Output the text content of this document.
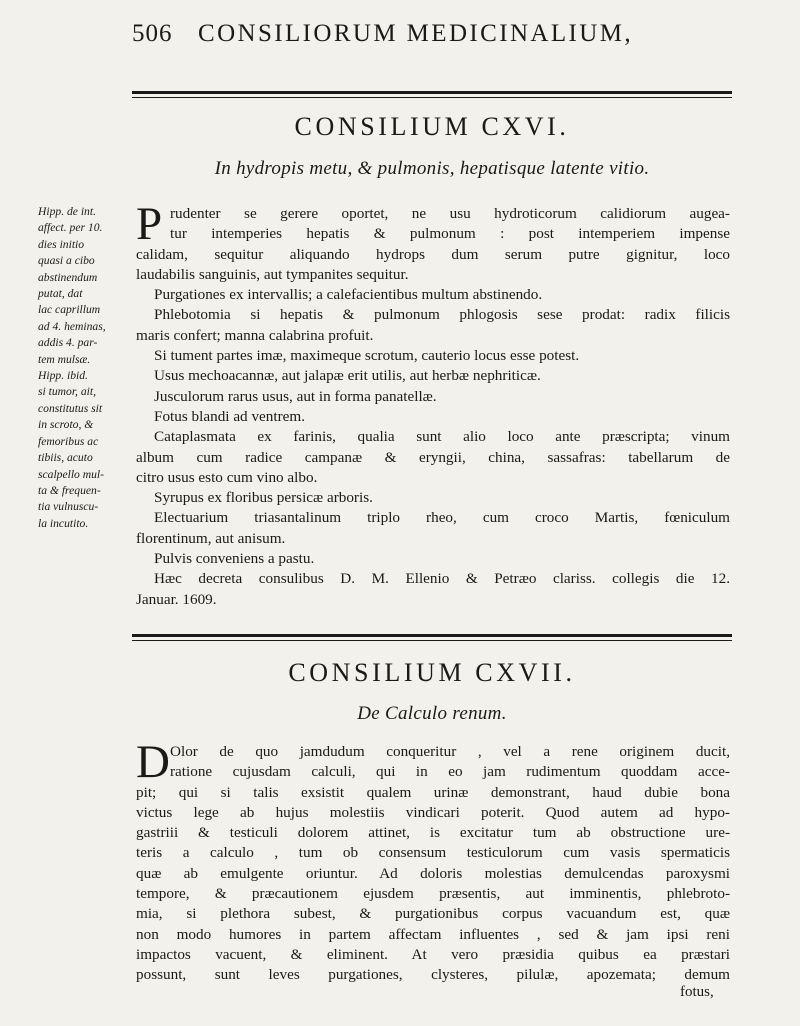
506 CONSILIORUM MEDICINALIUM,
CONSILIUM CXVI.
In hydropis metu, & pulmonis, hepatisque latente vitio.
Hipp. de int.
affect. per 10.
dies initio
quasi a cibo
abstinendum
putat, dat
lac caprillum
ad 4. heminas,
addis 4. par-
tem mulsæ.
Hipp. ibid.
si tumor, ait,
constitutus sit
in scroto, &
femoribus ac
tibiis, acuto
scalpello mul-
ta & frequen-
tia vulnuscu-
la incutito.
P rudenter se gerere oportet, ne usu hydroticorum calidiorum augea-
tur intemperies hepatis & pulmonum : post intemperiem impense
calidam, sequitur aliquando hydrops dum serum putre gignitur, loco
laudabilis sanguinis, aut tympanites sequitur.
Purgationes ex intervallis; a calefacientibus multum abstinendo.
Phlebotomia si hepatis & pulmonum phlogosis sese prodat: radix filicis
maris confert; manna calabrina profuit.
Si tument partes imæ, maximeque scrotum, cauterio locus esse potest.
Usus mechoacannæ, aut jalapæ erit utilis, aut herbæ nephriticæ.
Jusculorum rarus usus, aut in forma panatellæ.
Fotus blandi ad ventrem.
Cataplasmata ex farinis, qualia sunt alio loco ante præscripta; vinum
album cum radice campanæ & eryngii, china, sassafras: tabellarum de
citro usus esto cum vino albo.
Syrupus ex floribus persicæ arboris.
Electuarium triasantalinum triplo rheo, cum croco Martis, fœniculum
florentinum, aut anisum.
Pulvis conveniens a pastu.
Hæc decreta consulibus D. M. Ellenio & Petræo clariss. collegis die 12.
Januar. 1609.
CONSILIUM CXVII.
De Calculo renum.
D Olor de quo jamdudum conqueritur , vel a rene originem ducit,
ratione cujusdam calculi, qui in eo jam rudimentum quoddam acce-
pit; qui si talis exsistit qualem urinæ demonstrant, haud dubie bona
victus lege ab hujus molestiis vindicari poterit. Quod autem ad hypo-
gastriii & testiculi dolorem attinet, is excitatur tum ab obstructione ure-
teris a calculo , tum ob consensum testiculorum cum vasis spermaticis
quæ ab emulgente oriuntur. Ad doloris molestias demulcendas paroxysmi
tempore, & præcautionem ejusdem præsentis, aut imminentis, phlebroto-
mia, si plethora subest, & purgationibus corpus vacuandum est, quæ
non modo humores in partem affectam influentes , sed & jam ipsi reni
impactos vacuent, & eliminent. At vero præsidia quibus ea præstari
possunt, sunt leves purgationes, clysteres, pilulæ, apozemata; demum
fotus,
